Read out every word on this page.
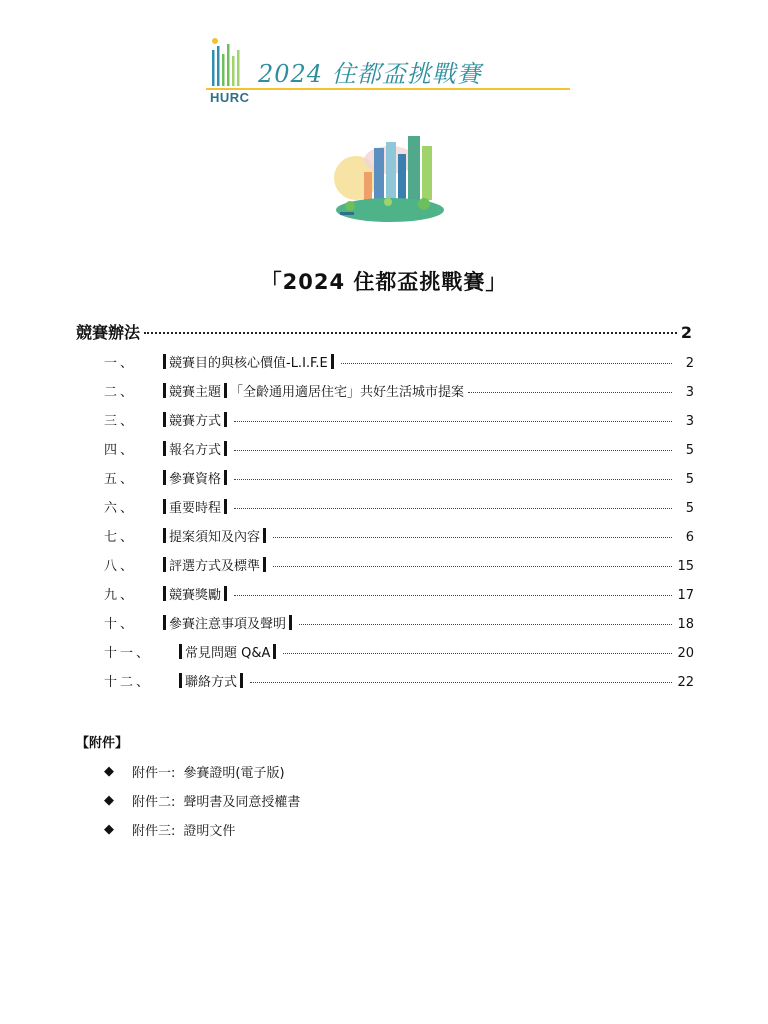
HURC
2024 住都盃挑戰賽
「2024 住都盃挑戰賽」
競賽辦法	2
一、	競賽目的與核心價值-L.I.F.E	2
二、	競賽主題 「全齡通用適居住宅」共好生活城市提案	3
三、	競賽方式	3
四、	報名方式	5
五、	參賽資格	5
六、	重要時程	5
七、	提案須知及內容	6
八、	評選方式及標準	15
九、	競賽獎勵	17
十、	參賽注意事項及聲明	18
十一、	常見問題 Q&A	20
十二、	聯絡方式	22
【附件】
◆	附件一: 參賽證明(電子版)
◆	附件二: 聲明書及同意授權書
◆	附件三: 證明文件
